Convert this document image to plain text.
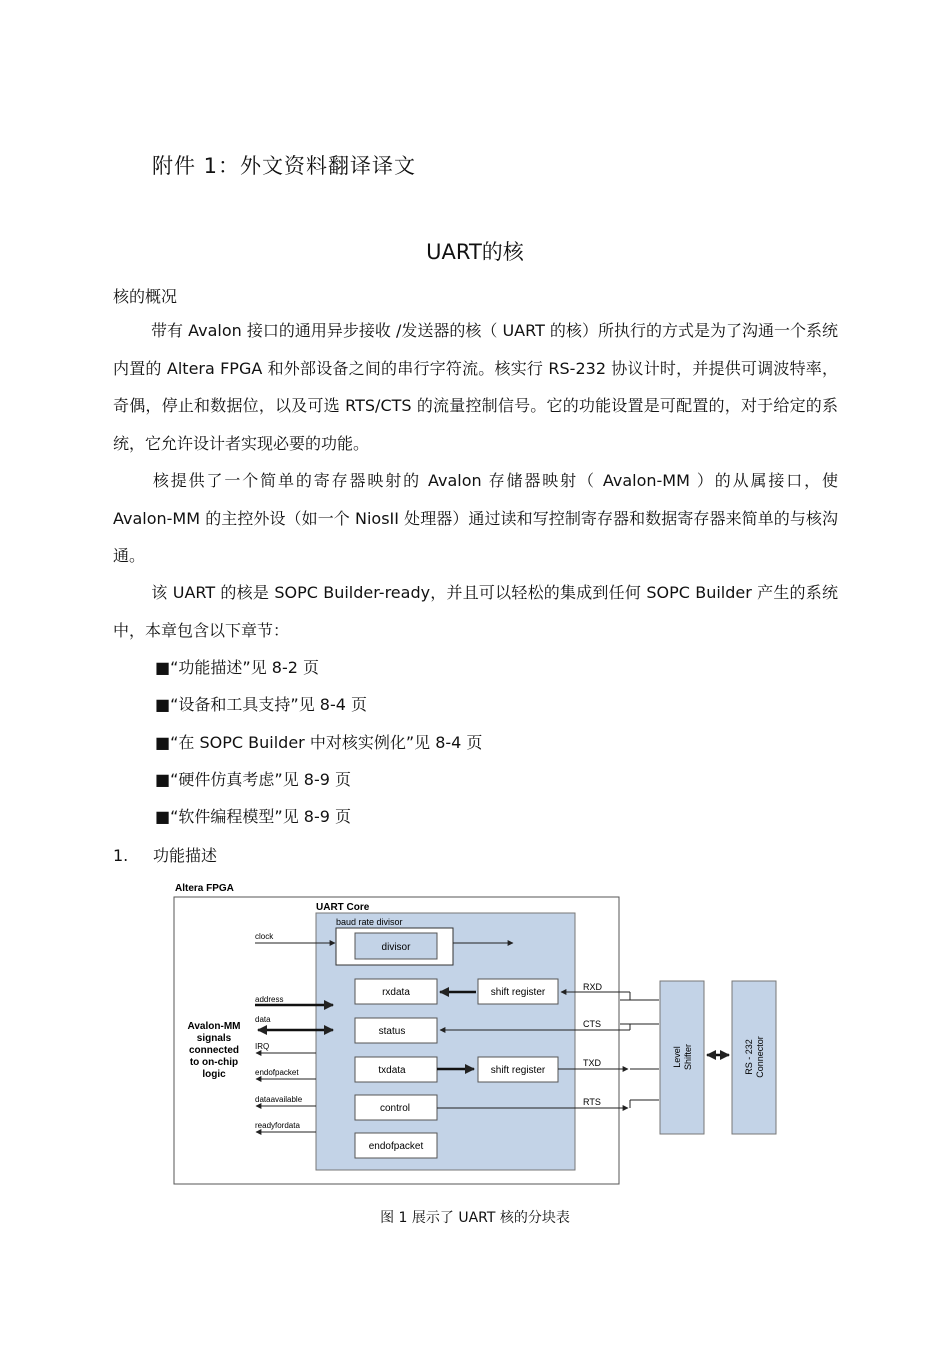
附件 1：外文资料翻译译文
UART的核
核的概况
带有 Avalon 接口的通用异步接收 /发送器的核（ UART 的核）所执行的方式是为了沟通一个系统内置的 Altera FPGA 和外部设备之间的串行字符流。核实行 RS-232 协议计时，并提供可调波特率，奇偶，停止和数据位，以及可选 RTS/CTS 的流量控制信号。它的功能设置是可配置的，对于给定的系统，它允许设计者实现必要的功能。
核提供了一个简单的寄存器映射的 Avalon 存储器映射（ Avalon-MM ）的从属接口，使 Avalon-MM 的主控外设（如一个 NiosII 处理器）通过读和写控制寄存器和数据寄存器来简单的与核沟通。
该 UART 的核是 SOPC Builder-ready，并且可以轻松的集成到任何 SOPC Builder 产生的系统中，本章包含以下章节：
■“功能描述”见 8-2 页
■“设备和工具支持”见 8-4 页
■“在 SOPC Builder 中对核实例化”见 8-4 页
■“硬件仿真考虑”见 8-9 页
■“软件编程模型”见 8-9 页
1. 功能描述
Altera FPGA
UART Core
baud rate divisor
divisor
clock
rxdata
status
txdata
control
endofpacket
shift register
shift register
address
data
IRQ
endofpacket
dataavailable
readyfordata
Avalon-MM
signals
connected
to on-chip
logic
RXD
CTS
TXD
RTS
Level Shifter	RS - 232 Connector
图 1 展示了 UART 核的分块表
